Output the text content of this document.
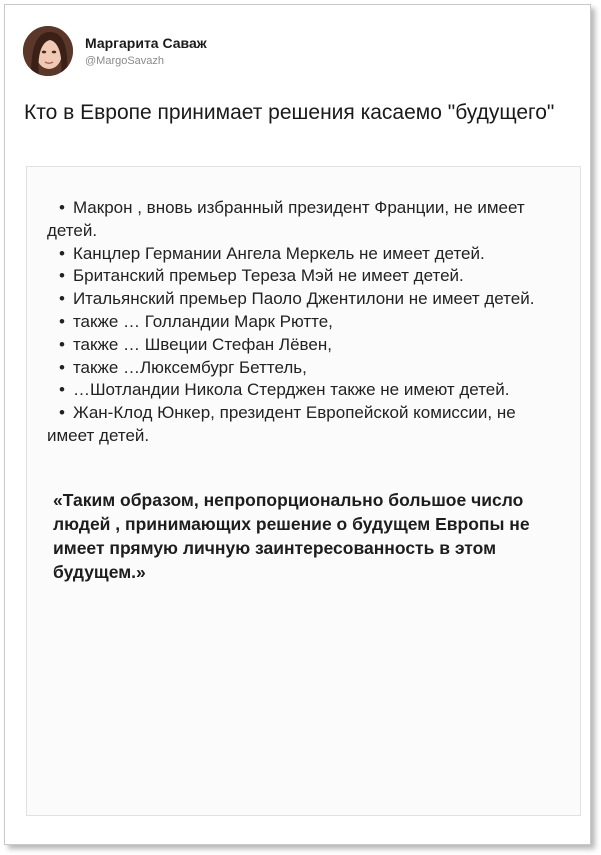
Маргарита Саваж
@MargoSavazh

Кто в Европе принимает решения касаемо "будущего"

• Макрон , вновь избранный президент Франции, не имеет детей.
• Канцлер Германии Ангела Меркель не имеет детей.
• Британский премьер Тереза Мэй не имеет детей.
• Итальянский премьер Паоло Джентилони не имеет детей.
• также … Голландии Марк Рютте,
• также … Швеции Стефан Лёвен,
• также …Люксембург Беттель,
• …Шотландии Никола Стерджен также не имеют детей.
• Жан-Клод Юнкер, президент Европейской комиссии, не имеет детей.
«Таким образом, непропорционально большое число людей , принимающих решение о будущем Европы не имеет прямую личную заинтересованность в этом будущем.»
